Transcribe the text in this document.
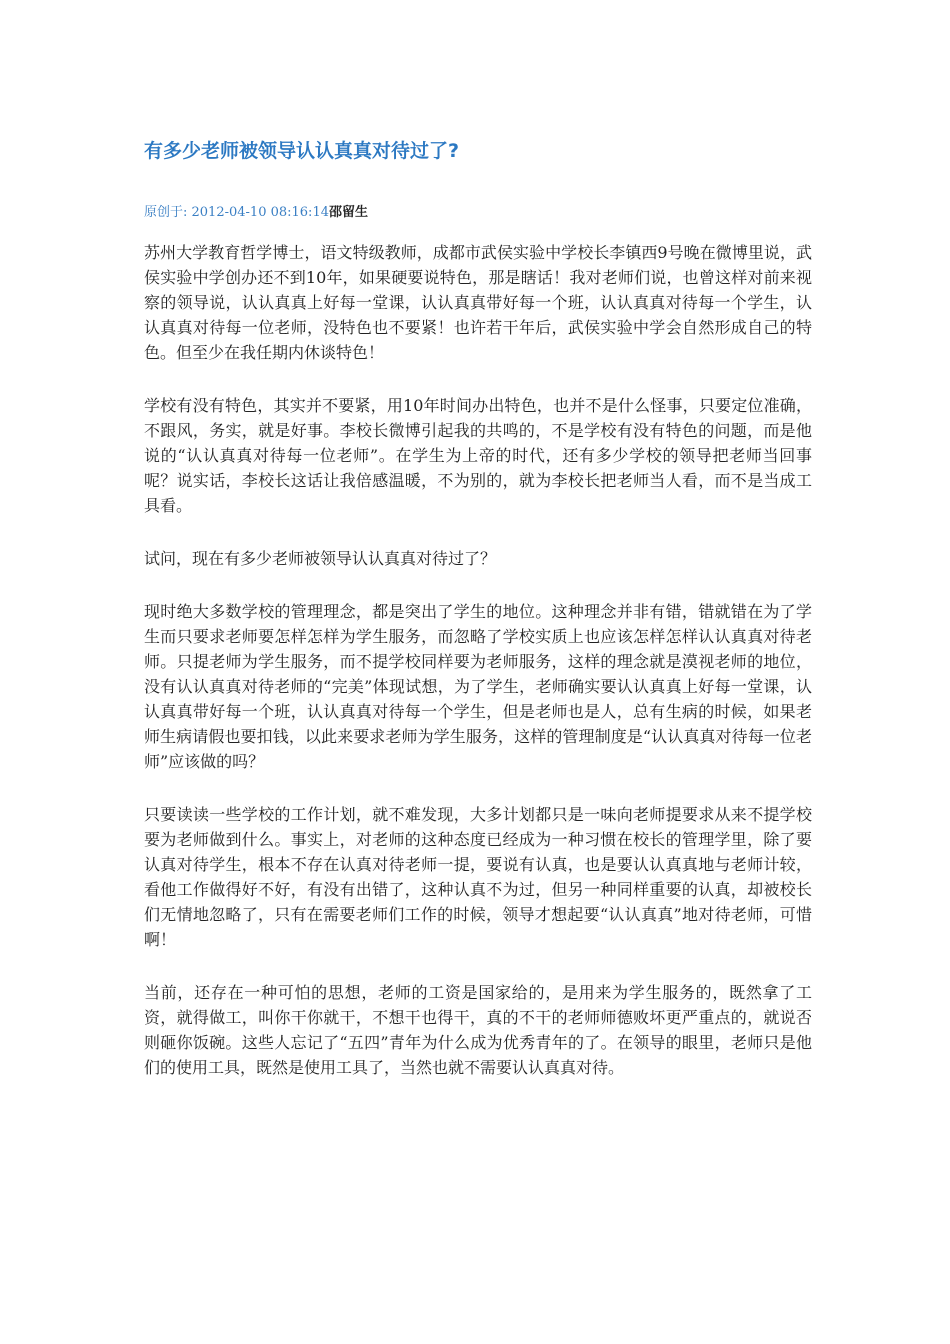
有多少老师被领导认认真真对待过了?
原创于: 2012-04-10 08:16:14邵留生

苏州大学教育哲学博士，语文特级教师，成都市武侯实验中学校长李镇西9号晚在微博里说，武侯实验中学创办还不到10年，如果硬要说特色，那是瞎话！我对老师们说，也曾这样对前来视察的领导说，认认真真上好每一堂课，认认真真带好每一个班，认认真真对待每一个学生，认认真真对待每一位老师，没特色也不要紧！也许若干年后，武侯实验中学会自然形成自己的特色。但至少在我任期内休谈特色！

学校有没有特色，其实并不要紧，用10年时间办出特色，也并不是什么怪事，只要定位准确，不跟风，务实，就是好事。李校长微博引起我的共鸣的，不是学校有没有特色的问题，而是他说的“认认真真对待每一位老师”。在学生为上帝的时代，还有多少学校的领导把老师当回事呢？说实话，李校长这话让我倍感温暖，不为别的，就为李校长把老师当人看，而不是当成工具看。

试问，现在有多少老师被领导认认真真对待过了？

现时绝大多数学校的管理理念，都是突出了学生的地位。这种理念并非有错，错就错在为了学生而只要求老师要怎样怎样为学生服务，而忽略了学校实质上也应该怎样怎样认认真真对待老师。只提老师为学生服务，而不提学校同样要为老师服务，这样的理念就是漠视老师的地位，没有认认真真对待老师的“完美”体现试想，为了学生，老师确实要认认真真上好每一堂课，认认真真带好每一个班，认认真真对待每一个学生，但是老师也是人，总有生病的时候，如果老师生病请假也要扣钱，以此来要求老师为学生服务，这样的管理制度是“认认真真对待每一位老师”应该做的吗？

只要读读一些学校的工作计划，就不难发现，大多计划都只是一味向老师提要求从来不提学校要为老师做到什么。事实上，对老师的这种态度已经成为一种习惯在校长的管理学里，除了要认真对待学生，根本不存在认真对待老师一提，要说有认真，也是要认认真真地与老师计较，看他工作做得好不好，有没有出错了，这种认真不为过，但另一种同样重要的认真，却被校长们无情地忽略了，只有在需要老师们工作的时候，领导才想起要“认认真真”地对待老师，可惜啊！

当前，还存在一种可怕的思想，老师的工资是国家给的，是用来为学生服务的，既然拿了工资，就得做工，叫你干你就干，不想干也得干，真的不干的老师师德败坏更严重点的，就说否则砸你饭碗。这些人忘记了“五四”青年为什么成为优秀青年的了。在领导的眼里，老师只是他们的使用工具，既然是使用工具了，当然也就不需要认认真真对待。
